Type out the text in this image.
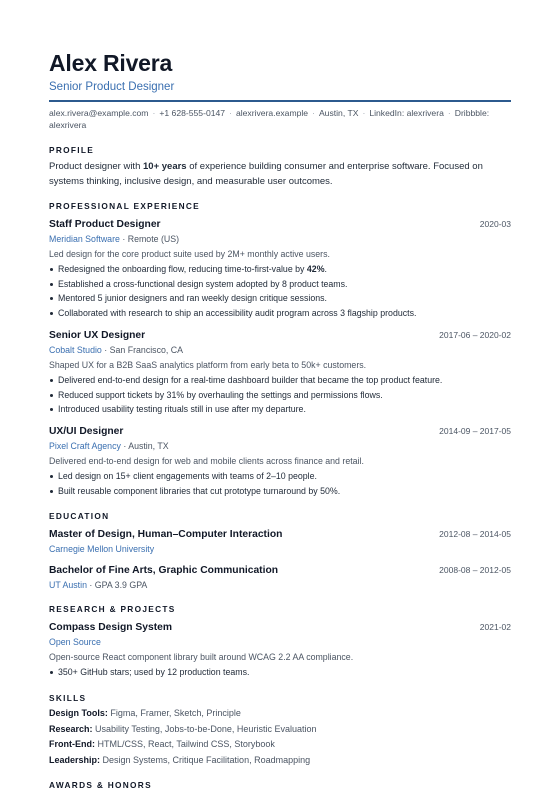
Alex Rivera
Senior Product Designer
alex.rivera@example.com · +1 628-555-0147 · alexrivera.example · Austin, TX · LinkedIn: alexrivera · Dribbble: alexrivera
PROFILE
Product designer with 10+ years of experience building consumer and enterprise software. Focused on systems thinking, inclusive design, and measurable user outcomes.
PROFESSIONAL EXPERIENCE
Staff Product Designer	2020-03
Meridian Software · Remote (US)
Led design for the core product suite used by 2M+ monthly active users.
Redesigned the onboarding flow, reducing time-to-first-value by 42%.
Established a cross-functional design system adopted by 8 product teams.
Mentored 5 junior designers and ran weekly design critique sessions.
Collaborated with research to ship an accessibility audit program across 3 flagship products.
Senior UX Designer	2017-06 – 2020-02
Cobalt Studio · San Francisco, CA
Shaped UX for a B2B SaaS analytics platform from early beta to 50k+ customers.
Delivered end-to-end design for a real-time dashboard builder that became the top product feature.
Reduced support tickets by 31% by overhauling the settings and permissions flows.
Introduced usability testing rituals still in use after my departure.
UX/UI Designer	2014-09 – 2017-05
Pixel Craft Agency · Austin, TX
Delivered end-to-end design for web and mobile clients across finance and retail.
Led design on 15+ client engagements with teams of 2–10 people.
Built reusable component libraries that cut prototype turnaround by 50%.
EDUCATION
Master of Design, Human–Computer Interaction	2012-08 – 2014-05
Carnegie Mellon University
Bachelor of Fine Arts, Graphic Communication	2008-08 – 2012-05
UT Austin · GPA 3.9 GPA
RESEARCH & PROJECTS
Compass Design System	2021-02
Open Source
Open-source React component library built around WCAG 2.2 AA compliance.
350+ GitHub stars; used by 12 production teams.
SKILLS
Design Tools: Figma, Framer, Sketch, Principle
Research: Usability Testing, Jobs-to-be-Done, Heuristic Evaluation
Front-End: HTML/CSS, React, Tailwind CSS, Storybook
Leadership: Design Systems, Critique Facilitation, Roadmapping
AWARDS & HONORS
